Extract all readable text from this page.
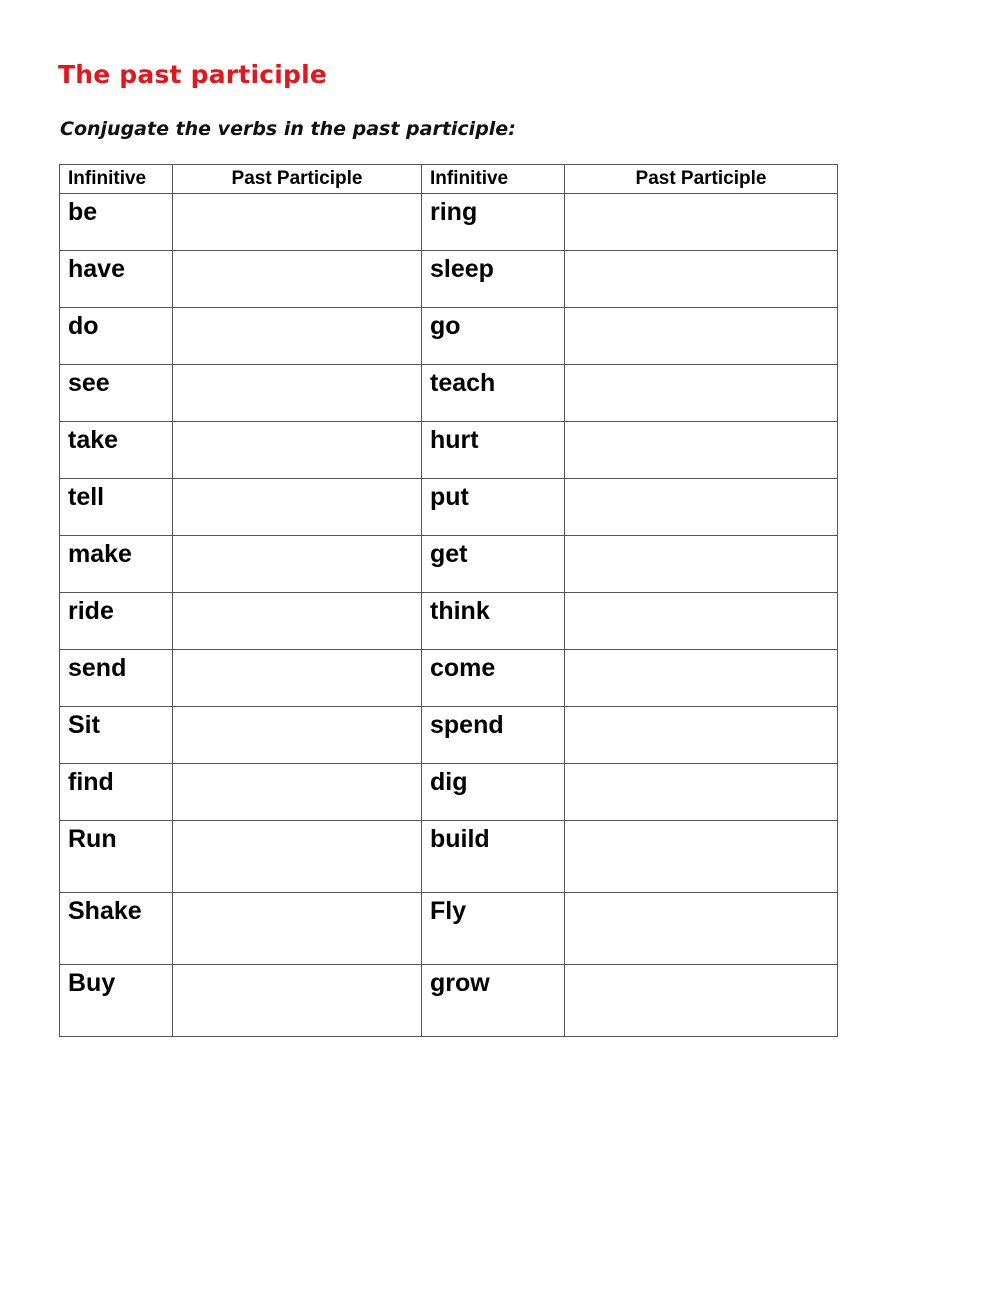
The past participle

Conjugate the verbs in the past participle:

Infinitive	Past Participle	Infinitive	Past Participle
be		ring	
have		sleep	
do		go	
see		teach	
take		hurt	
tell		put	
make		get	
ride		think	
send		come	
Sit		spend	
find		dig	
Run		build	
Shake		Fly	
Buy		grow	
